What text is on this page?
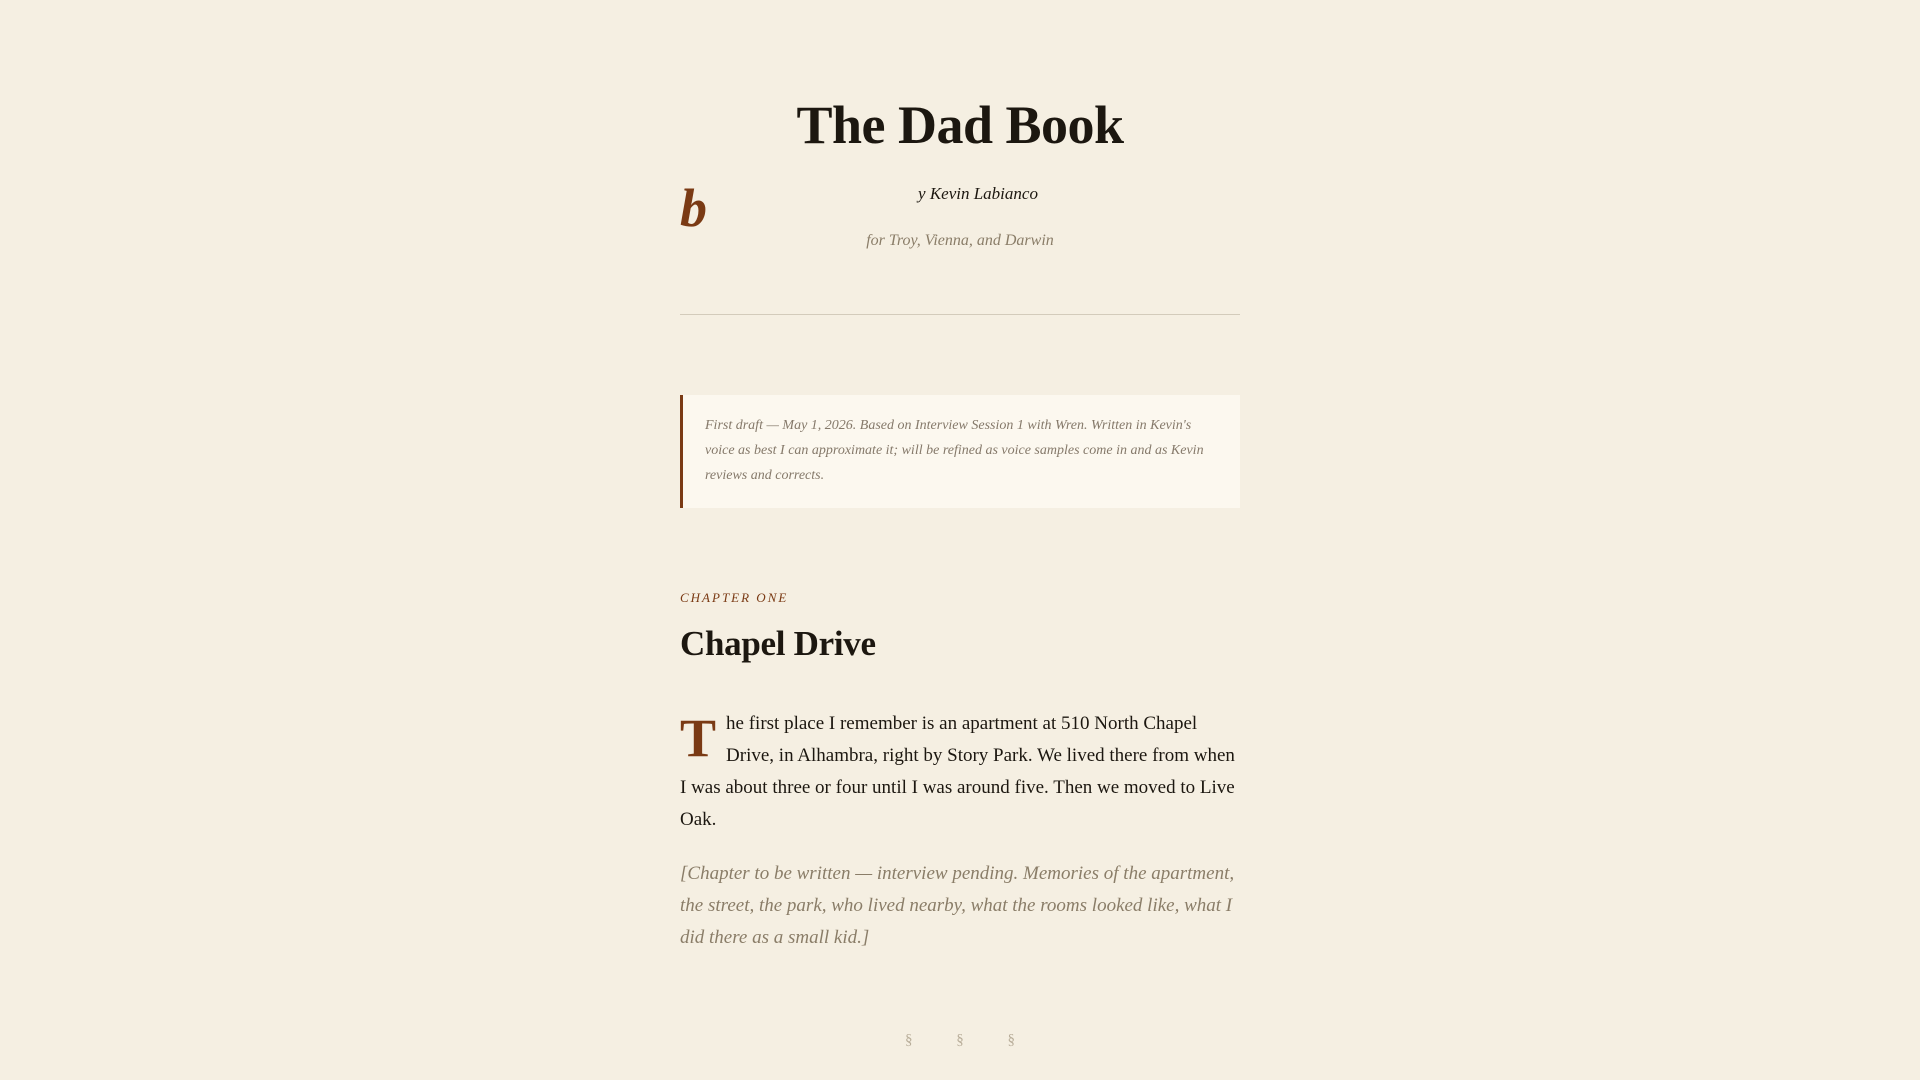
The Dad Book
b	y Kevin Labianco
for Troy, Vienna, and Darwin
First draft — May 1, 2026. Based on Interview Session 1 with Wren. Written in Kevin's voice as best I can approximate it; will be refined as voice samples come in and as Kevin reviews and corrects.
CHAPTER ONE
Chapel Drive

The first place I remember is an apartment at 510 North Chapel Drive, in Alhambra, right by Story Park. We lived there from when I was about three or four until I was around five. Then we moved to Live Oak.

[Chapter to be written — interview pending. Memories of the apartment, the street, the park, who lived nearby, what the rooms looked like, what I did there as a small kid.]

§ § §
